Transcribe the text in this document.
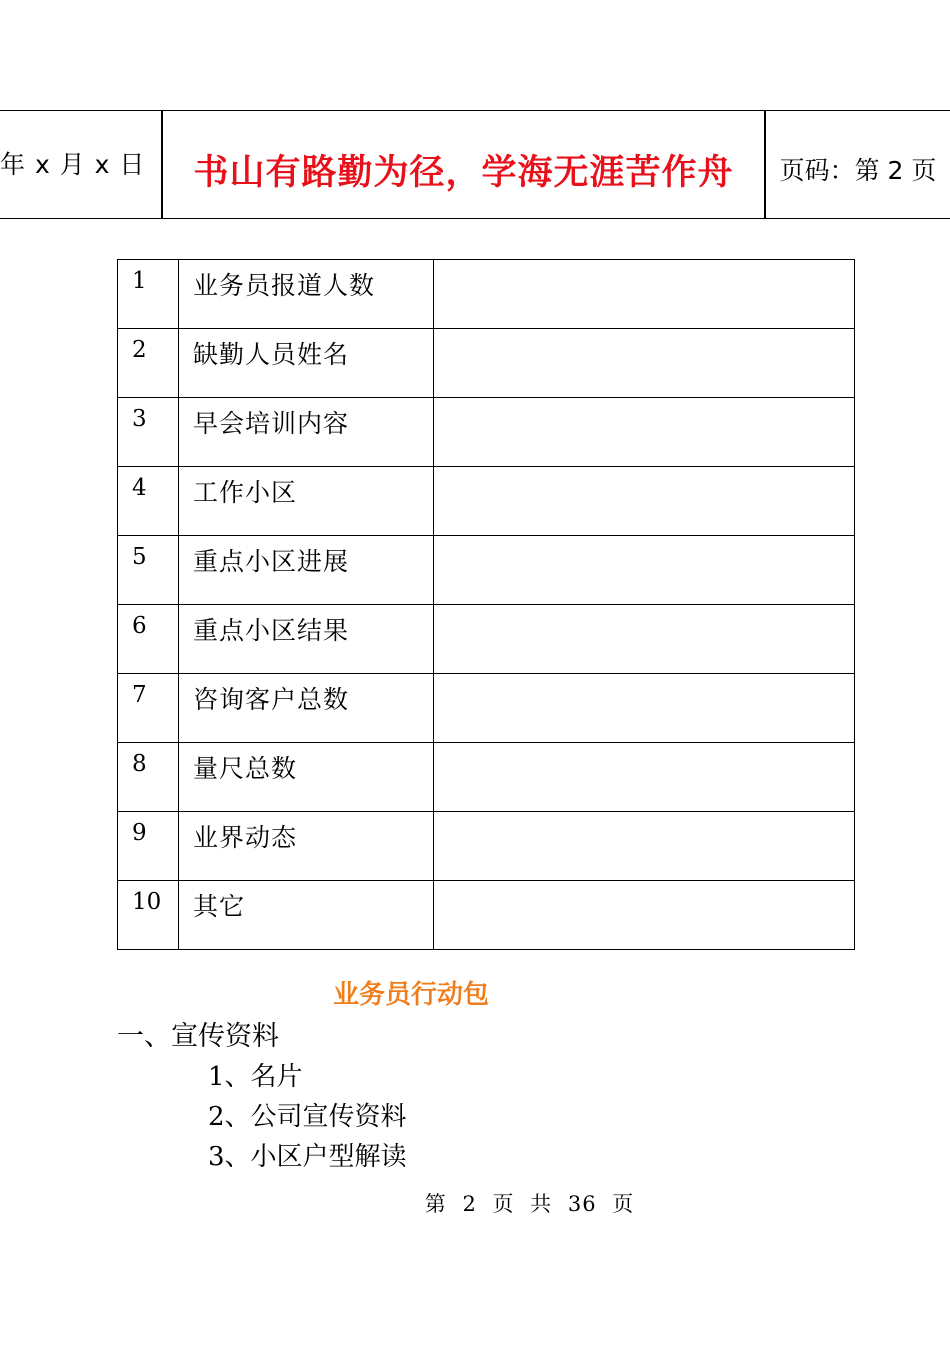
年 x 月 x 日	书山有路勤为径，学海无涯苦作舟	页码：第 2 页
1	业务员报道人数	
2	缺勤人员姓名	
3	早会培训内容	
4	工作小区	
5	重点小区进展	
6	重点小区结果	
7	咨询客户总数	
8	量尺总数	
9	业界动态	
10	其它	
业务员行动包
一、宣传资料
1、名片
2、公司宣传资料
3、小区户型解读
第 2 页 共 36 页
